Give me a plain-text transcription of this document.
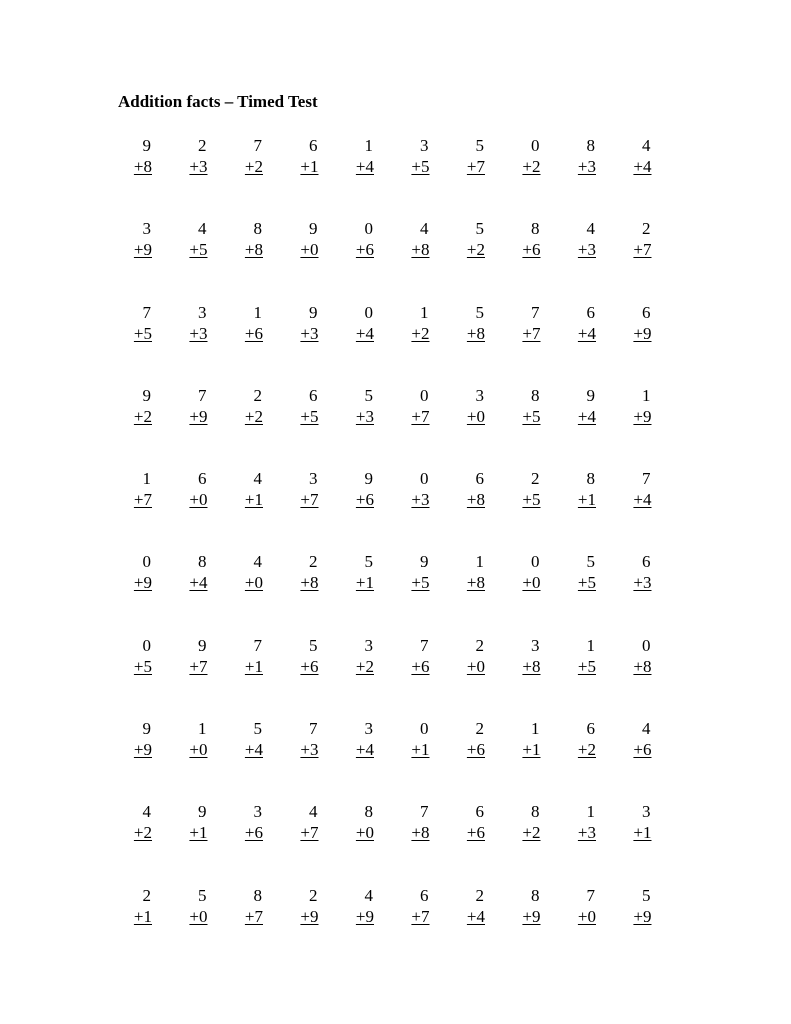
Addition facts – Timed Test
9
+8
2
+3
7
+2
6
+1
1
+4
3
+5
5
+7
0
+2
8
+3
4
+4
3
+9
4
+5
8
+8
9
+0
0
+6
4
+8
5
+2
8
+6
4
+3
2
+7
7
+5
3
+3
1
+6
9
+3
0
+4
1
+2
5
+8
7
+7
6
+4
6
+9
9
+2
7
+9
2
+2
6
+5
5
+3
0
+7
3
+0
8
+5
9
+4
1
+9
1
+7
6
+0
4
+1
3
+7
9
+6
0
+3
6
+8
2
+5
8
+1
7
+4
0
+9
8
+4
4
+0
2
+8
5
+1
9
+5
1
+8
0
+0
5
+5
6
+3
0
+5
9
+7
7
+1
5
+6
3
+2
7
+6
2
+0
3
+8
1
+5
0
+8
9
+9
1
+0
5
+4
7
+3
3
+4
0
+1
2
+6
1
+1
6
+2
4
+6
4
+2
9
+1
3
+6
4
+7
8
+0
7
+8
6
+6
8
+2
1
+3
3
+1
2
+1
5
+0
8
+7
2
+9
4
+9
6
+7
2
+4
8
+9
7
+0
5
+9
